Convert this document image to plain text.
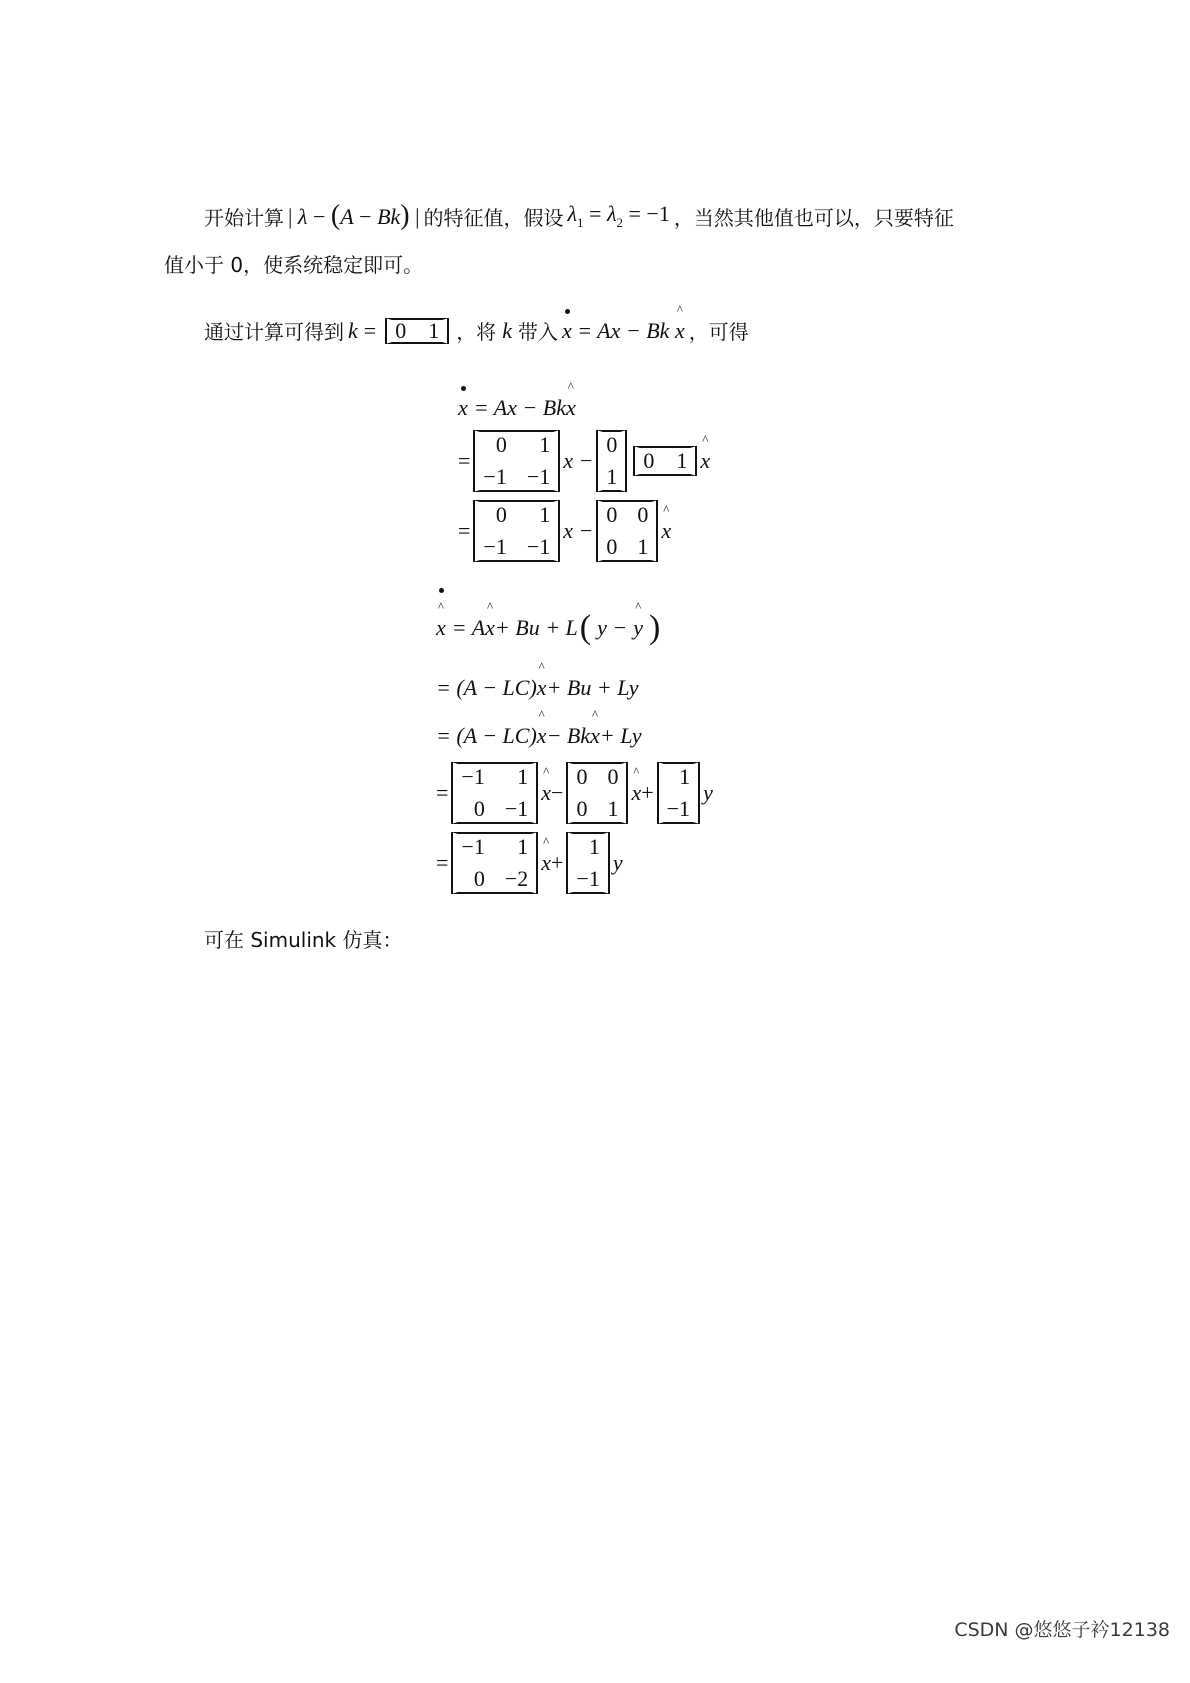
开始计算 | λ − (A − Bk) | 的特征值，假设 $\lambda_1 = \lambda_2 = -1$ ，当然其他值也可以，只要特征
值小于 0，使系统稳定即可。
通过计算可得到 k = 0 1 ，将 k 带入 x = Ax − Bk ^ x ，可得
x = Ax − Bk ^ x
=
0 1
−1 −1
x −
0
1
0 1 ^ x
=
0 1
−1 −1
x −
0 0
0 1
^ x
^ x = A ^ x + Bu + L ( y − ^ y )
= (A − LC) ^ x + Bu + Ly
= (A − LC) ^ x − Bk ^ x + Ly
=
−1 1
0 −1
^ x −
0 0
0 1
^ x +
1
−1
y
=
−1 1
0 −2
^ x +
1
−1
y
可在 Simulink 仿真：
CSDN @悠悠子衿12138
